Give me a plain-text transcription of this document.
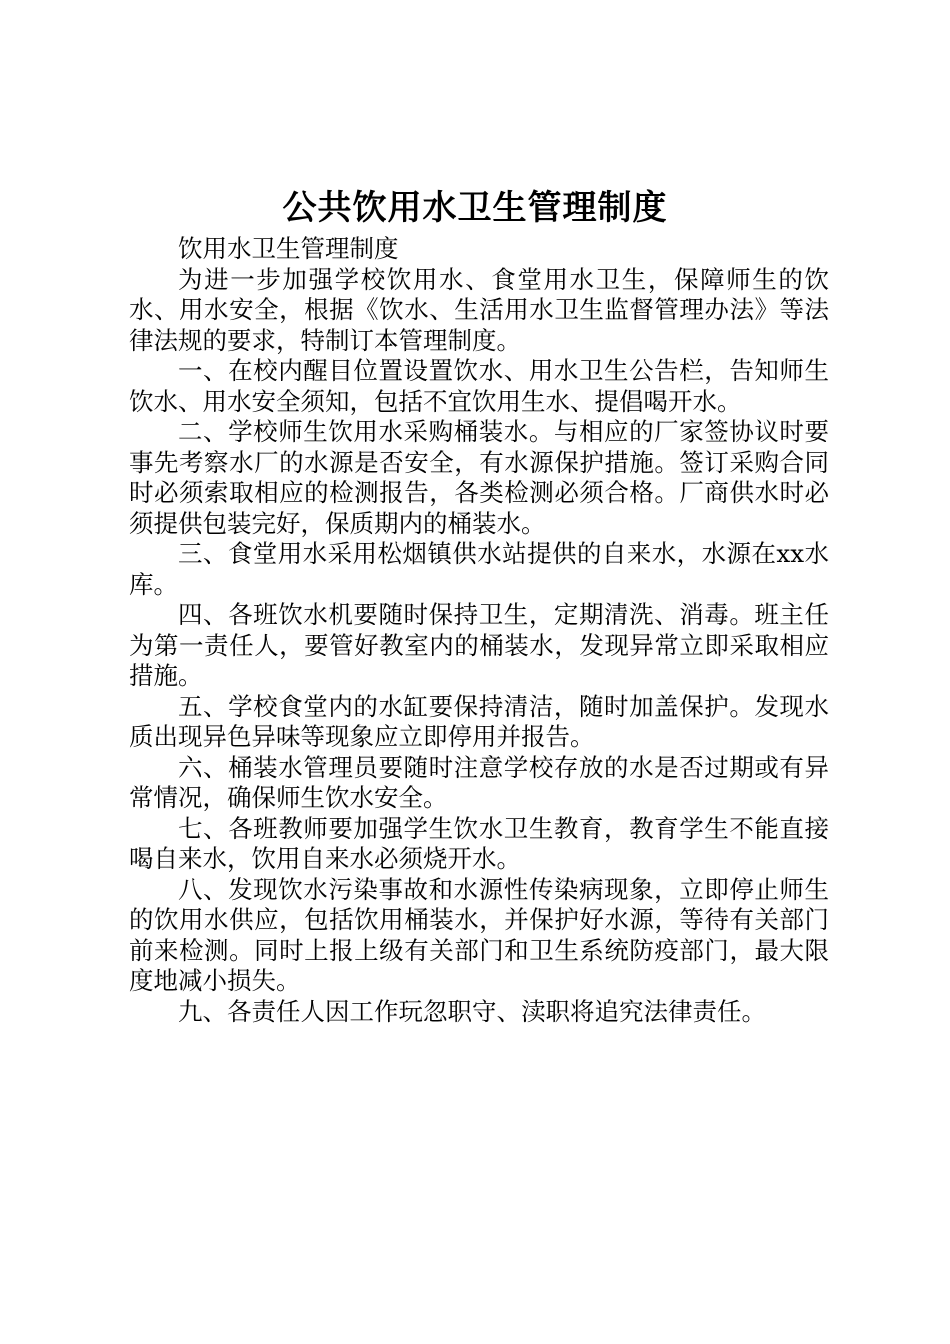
公共饮用水卫生管理制度

饮用水卫生管理制度

为进一步加强学校饮用水、食堂用水卫生，保障师生的饮水、用水安全，根据《饮水、生活用水卫生监督管理办法》等法律法规的要求，特制订本管理制度。

一、在校内醒目位置设置饮水、用水卫生公告栏，告知师生饮水、用水安全须知，包括不宜饮用生水、提倡喝开水。

二、学校师生饮用水采购桶装水。与相应的厂家签协议时要事先考察水厂的水源是否安全，有水源保护措施。签订采购合同时必须索取相应的检测报告，各类检测必须合格。厂商供水时必须提供包装完好，保质期内的桶装水。

三、食堂用水采用松烟镇供水站提供的自来水，水源在xx水库。

四、各班饮水机要随时保持卫生，定期清洗、消毒。班主任为第一责任人，要管好教室内的桶装水，发现异常立即采取相应措施。

五、学校食堂内的水缸要保持清洁，随时加盖保护。发现水质出现异色异味等现象应立即停用并报告。

六、桶装水管理员要随时注意学校存放的水是否过期或有异常情况，确保师生饮水安全。

七、各班教师要加强学生饮水卫生教育，教育学生不能直接喝自来水，饮用自来水必须烧开水。

八、发现饮水污染事故和水源性传染病现象，立即停止师生的饮用水供应，包括饮用桶装水，并保护好水源，等待有关部门前来检测。同时上报上级有关部门和卫生系统防疫部门，最大限度地减小损失。

九、各责任人因工作玩忽职守、渎职将追究法律责任。
